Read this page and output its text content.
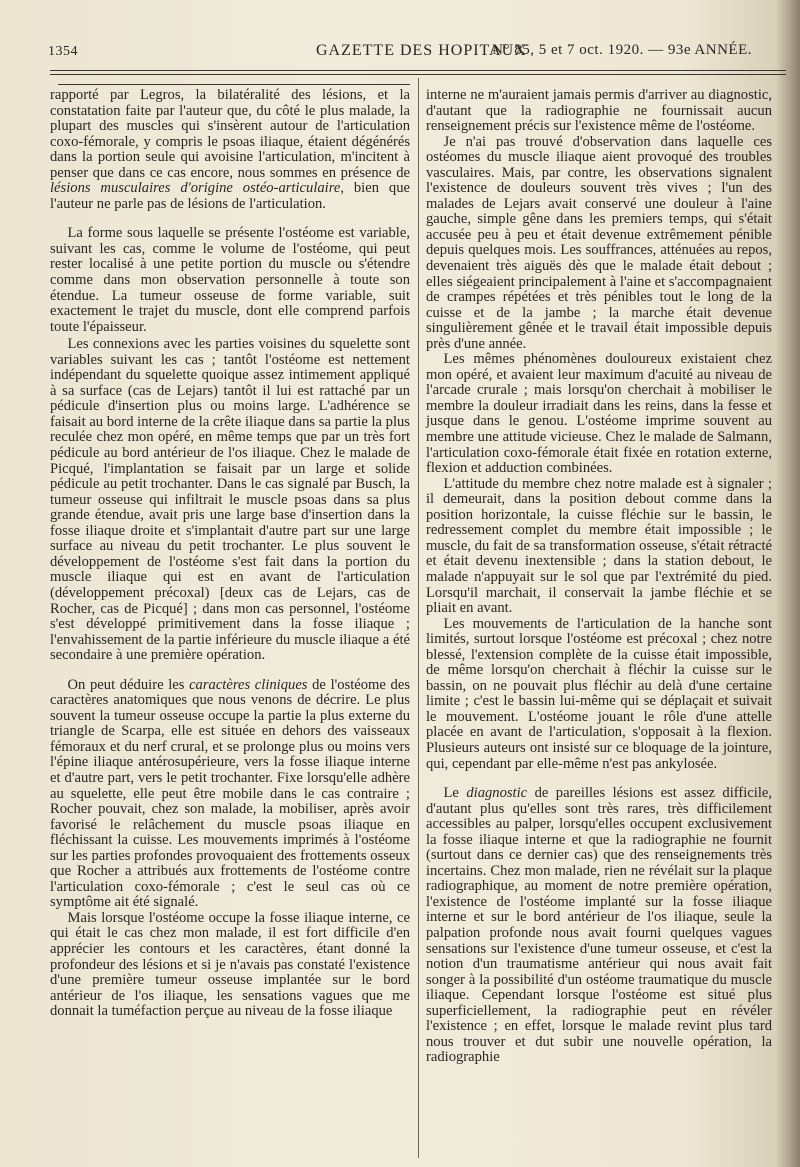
1354	GAZETTE DES HOPITAUX
N° 85, 5 et 7 oct. 1920. — 93e ANNÉE.

rapporté par Legros, la bilatéralité des lésions, et la constatation faite par l'auteur que, du côté le plus malade, la plupart des muscles qui s'insèrent autour de l'articulation coxo-fémorale, y compris le psoas iliaque, étaient dégénérés dans la portion seule qui avoisine l'articulation, m'incitent à penser que dans ce cas encore, nous sommes en présence de lésions musculaires d'origine ostéo-articulaire, bien que l'auteur ne parle pas de lésions de l'articulation.

La forme sous laquelle se présente l'ostéome est variable, suivant les cas, comme le volume de l'ostéome, qui peut rester localisé à une petite portion du muscle ou s'étendre comme dans mon observation personnelle à toute son étendue. La tumeur osseuse de forme variable, suit exactement le trajet du muscle, dont elle comprend parfois toute l'épaisseur.

Les connexions avec les parties voisines du squelette sont variables suivant les cas ; tantôt l'ostéome est nettement indépendant du squelette quoique assez intimement appliqué à sa surface (cas de Lejars) tantôt il lui est rattaché par un pédicule d'insertion plus ou moins large. L'adhérence se faisait au bord interne de la crête iliaque dans sa partie la plus reculée chez mon opéré, en même temps que par un très fort pédicule au bord antérieur de l'os iliaque. Chez le malade de Picqué, l'implantation se faisait par un large et solide pédicule au petit trochanter. Dans le cas signalé par Busch, la tumeur osseuse qui infiltrait le muscle psoas dans sa plus grande étendue, avait pris une large base d'insertion dans la fosse iliaque droite et s'implantait d'autre part sur une large surface au niveau du petit trochanter. Le plus souvent le développement de l'ostéome s'est fait dans la portion du muscle iliaque qui est en avant de l'articulation (développement précoxal) [deux cas de Lejars, cas de Rocher, cas de Picqué] ; dans mon cas personnel, l'ostéome s'est développé primitivement dans la fosse iliaque ; l'envahissement de la partie inférieure du muscle iliaque a été secondaire à une première opération.

On peut déduire les caractères cliniques de l'ostéome des caractères anatomiques que nous venons de décrire. Le plus souvent la tumeur osseuse occupe la partie la plus externe du triangle de Scarpa, elle est située en dehors des vaisseaux fémoraux et du nerf crural, et se prolonge plus ou moins vers l'épine iliaque antérosupérieure, vers la fosse iliaque interne et d'autre part, vers le petit trochanter. Fixe lorsqu'elle adhère au squelette, elle peut être mobile dans le cas contraire ; Rocher pouvait, chez son malade, la mobiliser, après avoir favorisé le relâchement du muscle psoas iliaque en fléchissant la cuisse. Les mouvements imprimés à l'ostéome sur les parties profondes provoquaient des frottements osseux que Rocher a attribués aux frottements de l'ostéome contre l'articulation coxo-fémorale ; c'est le seul cas où ce symptôme ait été signalé.

Mais lorsque l'ostéome occupe la fosse iliaque interne, ce qui était le cas chez mon malade, il est fort difficile d'en apprécier les contours et les caractères, étant donné la profondeur des lésions et si je n'avais pas constaté l'existence d'une première tumeur osseuse implantée sur le bord antérieur de l'os iliaque, les sensations vagues que me donnait la tuméfaction perçue au niveau de la fosse iliaque

interne ne m'auraient jamais permis d'arriver au diagnostic, d'autant que la radiographie ne fournissait aucun renseignement précis sur l'existence même de l'ostéome.

Je n'ai pas trouvé d'observation dans laquelle ces ostéomes du muscle iliaque aient provoqué des troubles vasculaires. Mais, par contre, les observations signalent l'existence de douleurs souvent très vives ; l'un des malades de Lejars avait conservé une douleur à l'aine gauche, simple gêne dans les premiers temps, qui s'était accusée peu à peu et était devenue extrêmement pénible depuis quelques mois. Les souffrances, atténuées au repos, devenaient très aiguës dès que le malade était debout ; elles siégeaient principalement à l'aine et s'accompagnaient de crampes répétées et très pénibles tout le long de la cuisse et de la jambe ; la marche était devenue singulièrement gênée et le travail était impossible depuis près d'une année.

Les mêmes phénomènes douloureux existaient chez mon opéré, et avaient leur maximum d'acuité au niveau de l'arcade crurale ; mais lorsqu'on cherchait à mobiliser le membre la douleur irradiait dans les reins, dans la fesse et jusque dans le genou. L'ostéome imprime souvent au membre une attitude vicieuse. Chez le malade de Salmann, l'articulation coxo-fémorale était fixée en rotation externe, flexion et adduction combinées.

L'attitude du membre chez notre malade est à signaler ; il demeurait, dans la position debout comme dans la position horizontale, la cuisse fléchie sur le bassin, le redressement complet du membre était impossible ; le muscle, du fait de sa transformation osseuse, s'était rétracté et était devenu inextensible ; dans la station debout, le malade n'appuyait sur le sol que par l'extrémité du pied. Lorsqu'il marchait, il conservait la jambe fléchie et se pliait en avant.

Les mouvements de l'articulation de la hanche sont limités, surtout lorsque l'ostéome est précoxal ; chez notre blessé, l'extension complète de la cuisse était impossible, de même lorsqu'on cherchait à fléchir la cuisse sur le bassin, on ne pouvait plus fléchir au delà d'une certaine limite ; c'est le bassin lui-même qui se déplaçait et suivait le mouvement. L'ostéome jouant le rôle d'une attelle placée en avant de l'articulation, s'opposait à la flexion. Plusieurs auteurs ont insisté sur ce bloquage de la jointure, qui, cependant par elle-même n'est pas ankylosée.

Le diagnostic de pareilles lésions est assez difficile, d'autant plus qu'elles sont très rares, très difficilement accessibles au palper, lorsqu'elles occupent exclusivement la fosse iliaque interne et que la radiographie ne fournit (surtout dans ce dernier cas) que des renseignements très incertains. Chez mon malade, rien ne révélait sur la plaque radiographique, au moment de notre première opération, l'existence de l'ostéome implanté sur la fosse iliaque interne et sur le bord antérieur de l'os iliaque, seule la palpation profonde nous avait fourni quelques vagues sensations sur l'existence d'une tumeur osseuse, et c'est la notion d'un traumatisme antérieur qui nous avait fait songer à la possibilité d'un ostéome traumatique du muscle iliaque. Cependant lorsque l'ostéome est situé plus superficiellement, la radiographie peut en révéler l'existence ; en effet, lorsque le malade revint plus tard nous trouver et dut subir une nouvelle opération, la radiographie
